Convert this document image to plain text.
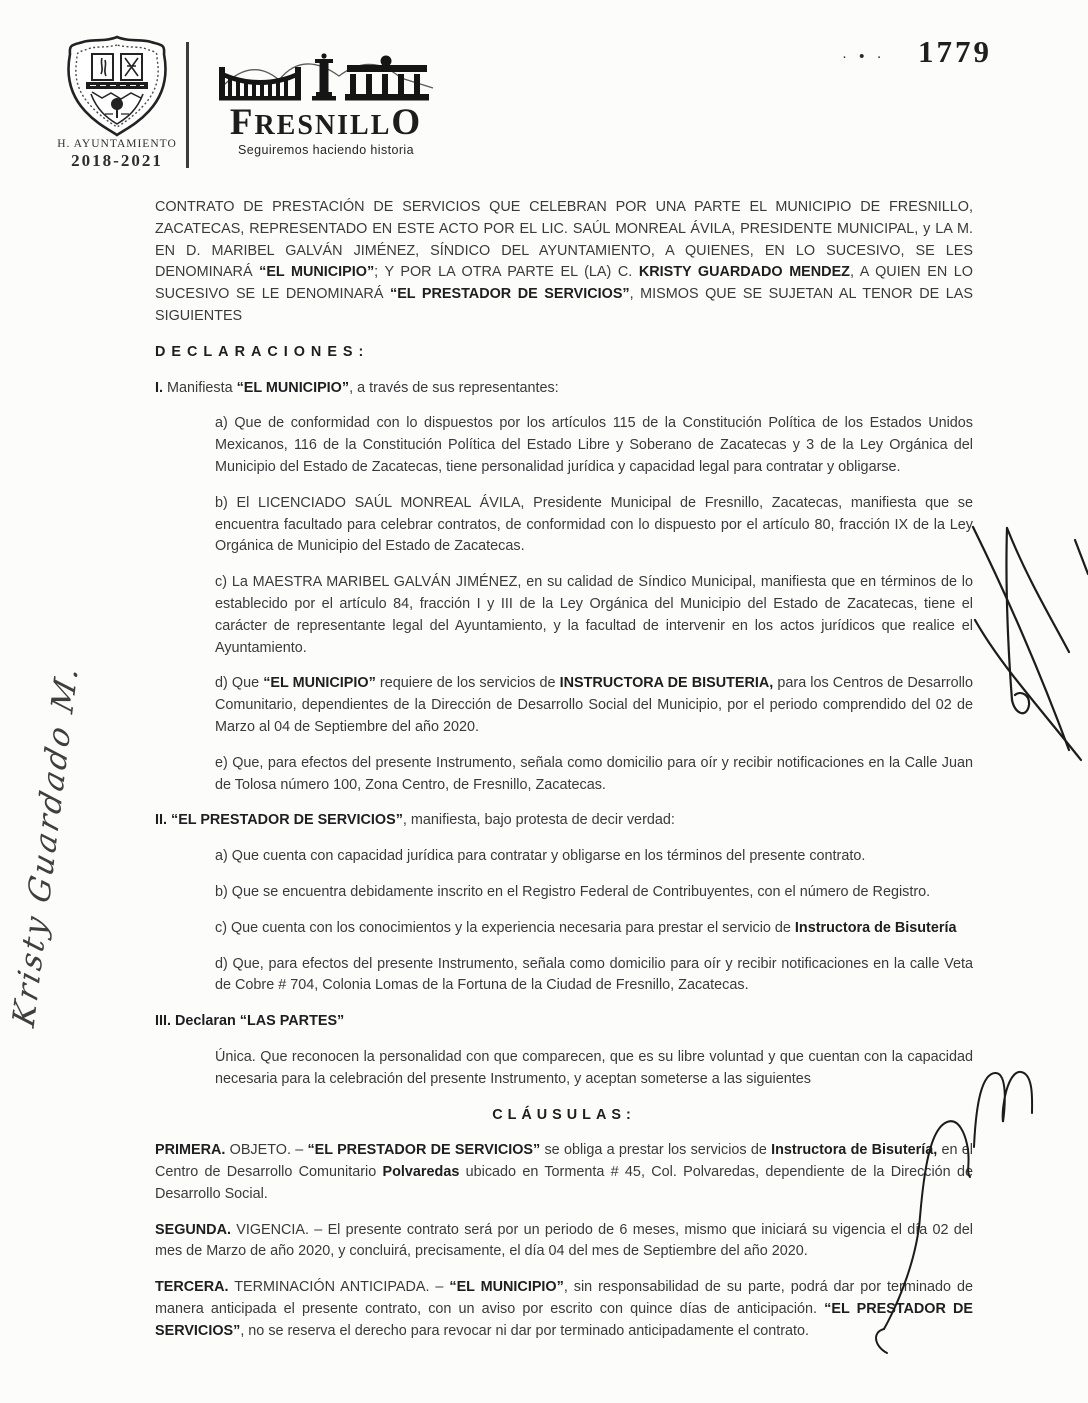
H. AYUNTAMIENTO
2018-2021
FRESNILLO
Seguiremos haciendo historia
· • · 1779

CONTRATO DE PRESTACIÓN DE SERVICIOS QUE CELEBRAN POR UNA PARTE EL MUNICIPIO DE FRESNILLO, ZACATECAS, REPRESENTADO EN ESTE ACTO POR EL LIC. SAÚL MONREAL ÁVILA, PRESIDENTE MUNICIPAL, y LA M. EN D. MARIBEL GALVÁN JIMÉNEZ, SÍNDICO DEL AYUNTAMIENTO, A QUIENES, EN LO SUCESIVO, SE LES DENOMINARÁ “EL MUNICIPIO”; Y POR LA OTRA PARTE EL (LA) C. KRISTY GUARDADO MENDEZ, A QUIEN EN LO SUCESIVO SE LE DENOMINARÁ “EL PRESTADOR DE SERVICIOS”, MISMOS QUE SE SUJETAN AL TENOR DE LAS SIGUIENTES

DECLARACIONES:

I. Manifiesta “EL MUNICIPIO”, a través de sus representantes:

a) Que de conformidad con lo dispuestos por los artículos 115 de la Constitución Política de los Estados Unidos Mexicanos, 116 de la Constitución Política del Estado Libre y Soberano de Zacatecas y 3 de la Ley Orgánica del Municipio del Estado de Zacatecas, tiene personalidad jurídica y capacidad legal para contratar y obligarse.

b) El LICENCIADO SAÚL MONREAL ÁVILA, Presidente Municipal de Fresnillo, Zacatecas, manifiesta que se encuentra facultado para celebrar contratos, de conformidad con lo dispuesto por el artículo 80, fracción IX de la Ley Orgánica de Municipio del Estado de Zacatecas.

c) La MAESTRA MARIBEL GALVÁN JIMÉNEZ, en su calidad de Síndico Municipal, manifiesta que en términos de lo establecido por el artículo 84, fracción I y III de la Ley Orgánica del Municipio del Estado de Zacatecas, tiene el carácter de representante legal del Ayuntamiento, y la facultad de intervenir en los actos jurídicos que realice el Ayuntamiento.

d) Que “EL MUNICIPIO” requiere de los servicios de INSTRUCTORA DE BISUTERIA, para los Centros de Desarrollo Comunitario, dependientes de la Dirección de Desarrollo Social del Municipio, por el periodo comprendido del 02 de Marzo al 04 de Septiembre del año 2020.

e) Que, para efectos del presente Instrumento, señala como domicilio para oír y recibir notificaciones en la Calle Juan de Tolosa número 100, Zona Centro, de Fresnillo, Zacatecas.

II. “EL PRESTADOR DE SERVICIOS”, manifiesta, bajo protesta de decir verdad:

a) Que cuenta con capacidad jurídica para contratar y obligarse en los términos del presente contrato.

b) Que se encuentra debidamente inscrito en el Registro Federal de Contribuyentes, con el número de Registro.

c) Que cuenta con los conocimientos y la experiencia necesaria para prestar el servicio de Instructora de Bisutería

d) Que, para efectos del presente Instrumento, señala como domicilio para oír y recibir notificaciones en la calle Veta de Cobre # 704, Colonia Lomas de la Fortuna de la Ciudad de Fresnillo, Zacatecas.

III. Declaran “LAS PARTES”

Única. Que reconocen la personalidad con que comparecen, que es su libre voluntad y que cuentan con la capacidad necesaria para la celebración del presente Instrumento, y aceptan someterse a las siguientes

CLÁUSULAS:

PRIMERA. OBJETO. – “EL PRESTADOR DE SERVICIOS” se obliga a prestar los servicios de Instructora de Bisutería, en el Centro de Desarrollo Comunitario Polvaredas ubicado en Tormenta # 45, Col. Polvaredas, dependiente de la Dirección de Desarrollo Social.

SEGUNDA. VIGENCIA. – El presente contrato será por un periodo de 6 meses, mismo que iniciará su vigencia el día 02 del mes de Marzo de año 2020, y concluirá, precisamente, el día 04 del mes de Septiembre del año 2020.

TERCERA. TERMINACIÓN ANTICIPADA. – “EL MUNICIPIO”, sin responsabilidad de su parte, podrá dar por terminado de manera anticipada el presente contrato, con un aviso por escrito con quince días de anticipación. “EL PRESTADOR DE SERVICIOS”, no se reserva el derecho para revocar ni dar por terminado anticipadamente el contrato.

Kristy Guardado M.
